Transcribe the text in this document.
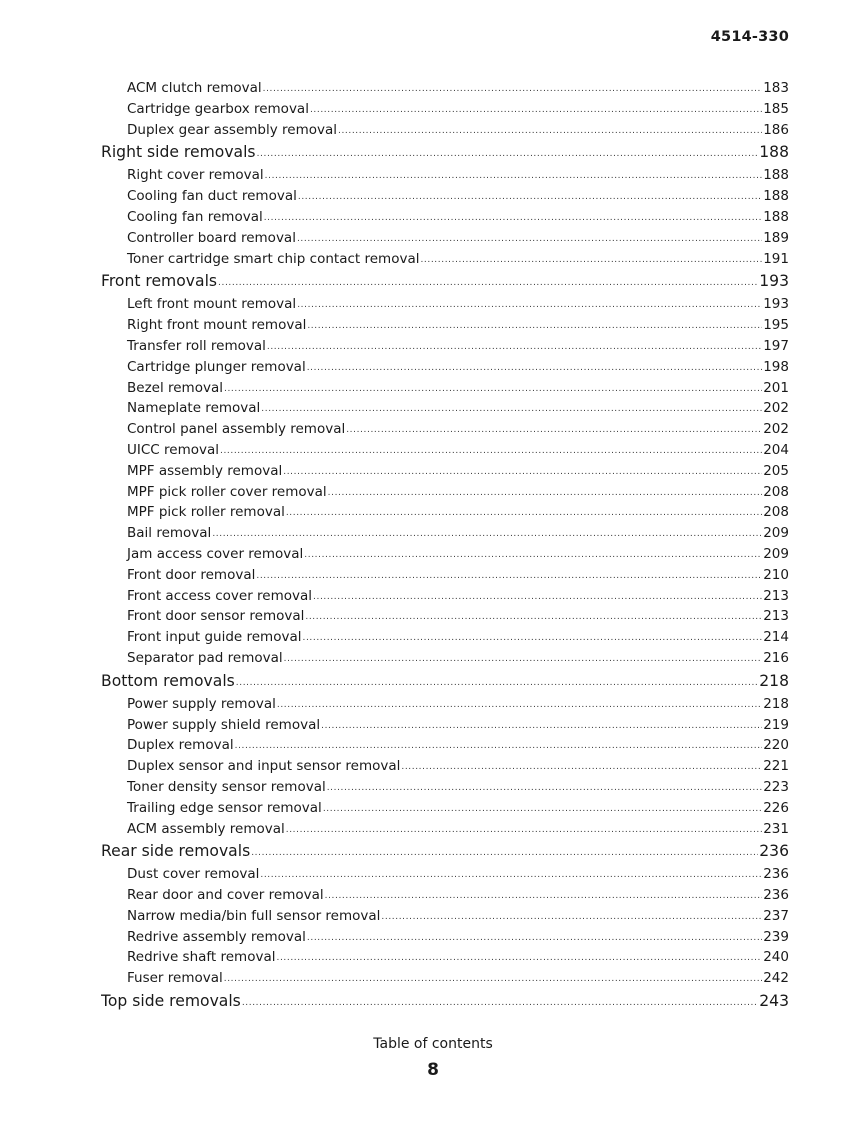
4514-330
ACM clutch removal .....	183
Cartridge gearbox removal .....	185
Duplex gear assembly removal .....	186
Right side removals .....	188
Right cover removal .....	188
Cooling fan duct removal .....	188
Cooling fan removal .....	188
Controller board removal .....	189
Toner cartridge smart chip contact removal .....	191
Front removals .....	193
Left front mount removal .....	193
Right front mount removal .....	195
Transfer roll removal .....	197
Cartridge plunger removal .....	198
Bezel removal .....	201
Nameplate removal .....	202
Control panel assembly removal .....	202
UICC removal .....	204
MPF assembly removal .....	205
MPF pick roller cover removal .....	208
MPF pick roller removal .....	208
Bail removal .....	209
Jam access cover removal .....	209
Front door removal .....	210
Front access cover removal .....	213
Front door sensor removal .....	213
Front input guide removal .....	214
Separator pad removal .....	216
Bottom removals .....	218
Power supply removal .....	218
Power supply shield removal .....	219
Duplex removal .....	220
Duplex sensor and input sensor removal .....	221
Toner density sensor removal .....	223
Trailing edge sensor removal .....	226
ACM assembly removal .....	231
Rear side removals .....	236
Dust cover removal .....	236
Rear door and cover removal .....	236
Narrow media/bin full sensor removal .....	237
Redrive assembly removal .....	239
Redrive shaft removal .....	240
Fuser removal .....	242
Top side removals .....	243
Table of contents
8
